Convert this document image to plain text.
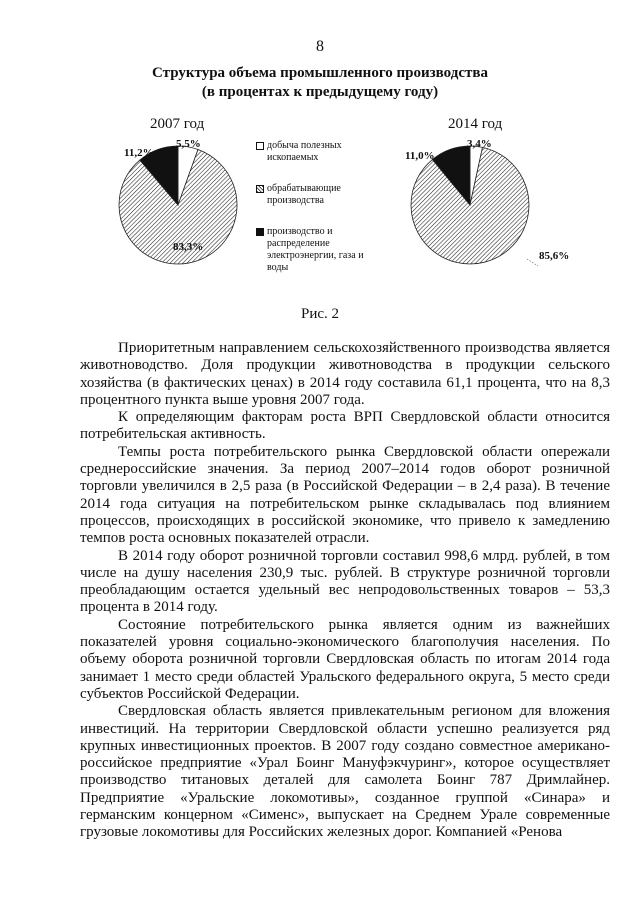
8
Структура объема промышленного производства
(в процентах к предыдущему году)
2007 год	2014 год
добыча полезных ископаемых
обрабатывающие производства
производство и распределение электроэнергии, газа и воды
5,5%
83,3%
11,2%
3,4%
85,6%
11,0%
Рис. 2

Приоритетным направлением сельскохозяйственного производства является животноводство. Доля продукции животноводства в продукции сельского хозяйства (в фактических ценах) в 2014 году составила 61,1 процента, что на 8,3 процентного пункта выше уровня 2007 года.

К определяющим факторам роста ВРП Свердловской области относится потребительская активность.

Темпы роста потребительского рынка Свердловской области опережали среднероссийские значения. За период 2007–2014 годов оборот розничной торговли увеличился в 2,5 раза (в Российской Федерации – в 2,4 раза). В течение 2014 года ситуация на потребительском рынке складывалась под влиянием процессов, происходящих в российской экономике, что привело к замедлению темпов роста основных показателей отрасли.

В 2014 году оборот розничной торговли составил 998,6 млрд. рублей, в том числе на душу населения 230,9 тыс. рублей. В структуре розничной торговли преобладающим остается удельный вес непродовольственных товаров – 53,3 процента в 2014 году.

Состояние потребительского рынка является одним из важнейших показателей уровня социально-экономического благополучия населения. По объему оборота розничной торговли Свердловская область по итогам 2014 года занимает 1 место среди областей Уральского федерального округа, 5 место среди субъектов Российской Федерации.

Свердловская область является привлекательным регионом для вложения инвестиций. На территории Свердловской области успешно реализуется ряд крупных инвестиционных проектов. В 2007 году создано совместное американо-российское предприятие «Урал Боинг Мануфэкчуринг», которое осуществляет производство титановых деталей для самолета Боинг 787 Дримлайнер. Предприятие «Уральские локомотивы», созданное группой «Синара» и германским концерном «Сименс», выпускает на Среднем Урале современные грузовые локомотивы для Российских железных дорог. Компанией «Ренова
